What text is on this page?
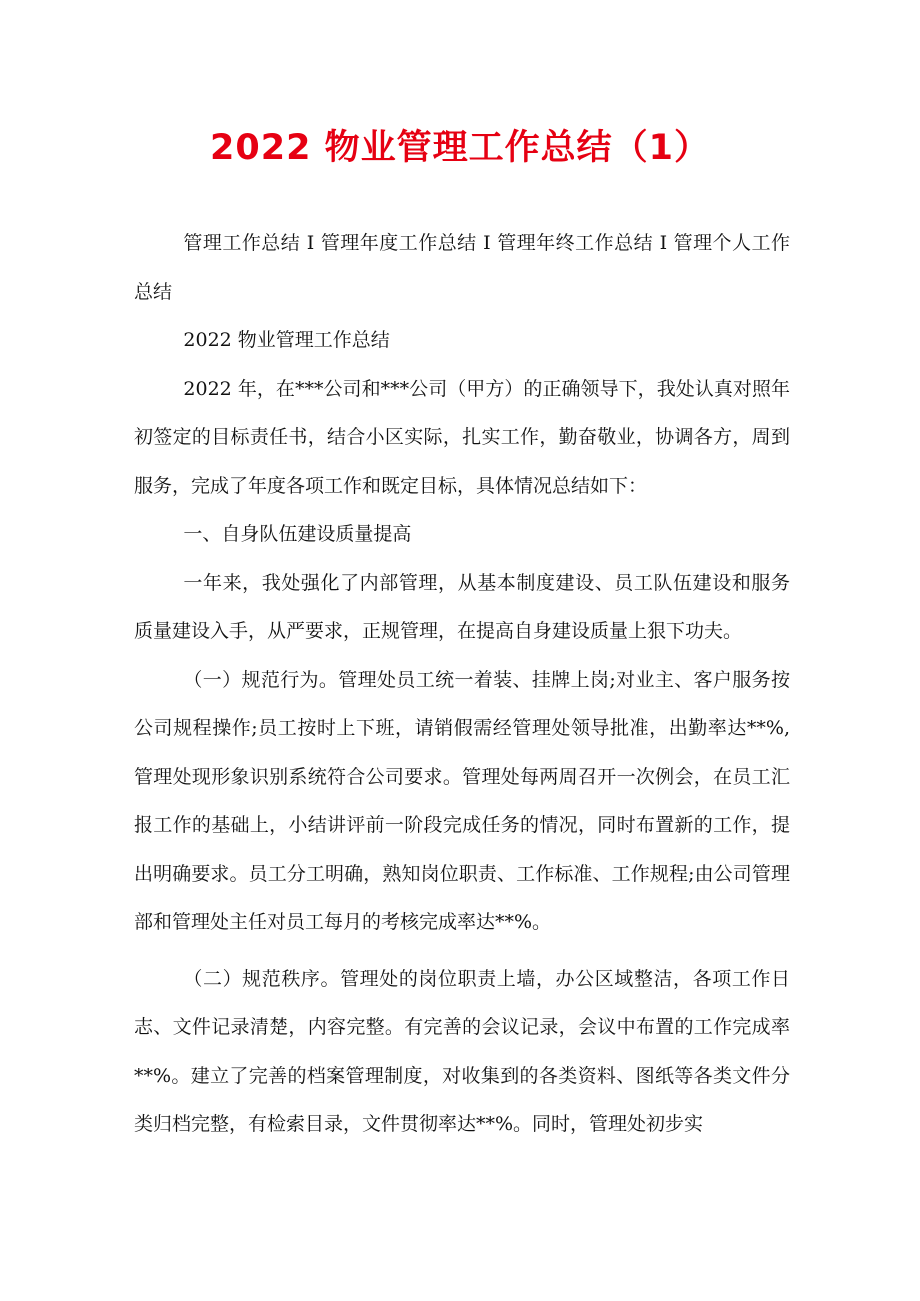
2022 物业管理工作总结（1）

管理工作总结 I 管理年度工作总结 I 管理年终工作总结 I 管理个人工作总结

2022 物业管理工作总结

2022 年，在***公司和***公司（甲方）的正确领导下，我处认真对照年初签定的目标责任书，结合小区实际，扎实工作，勤奋敬业，协调各方，周到服务，完成了年度各项工作和既定目标，具体情况总结如下：

一、自身队伍建设质量提高

一年来，我处强化了内部管理，从基本制度建设、员工队伍建设和服务质量建设入手，从严要求，正规管理，在提高自身建设质量上狠下功夫。

（一）规范行为。管理处员工统一着装、挂牌上岗;对业主、客户服务按公司规程操作;员工按时上下班，请销假需经管理处领导批准，出勤率达**%,管理处现形象识别系统符合公司要求。管理处每两周召开一次例会，在员工汇报工作的基础上，小结讲评前一阶段完成任务的情况，同时布置新的工作，提出明确要求。员工分工明确，熟知岗位职责、工作标准、工作规程;由公司管理部和管理处主任对员工每月的考核完成率达**%。

（二）规范秩序。管理处的岗位职责上墙，办公区域整洁，各项工作日志、文件记录清楚，内容完整。有完善的会议记录，会议中布置的工作完成率**%。建立了完善的档案管理制度，对收集到的各类资料、图纸等各类文件分类归档完整，有检索目录，文件贯彻率达**%。同时，管理处初步实
